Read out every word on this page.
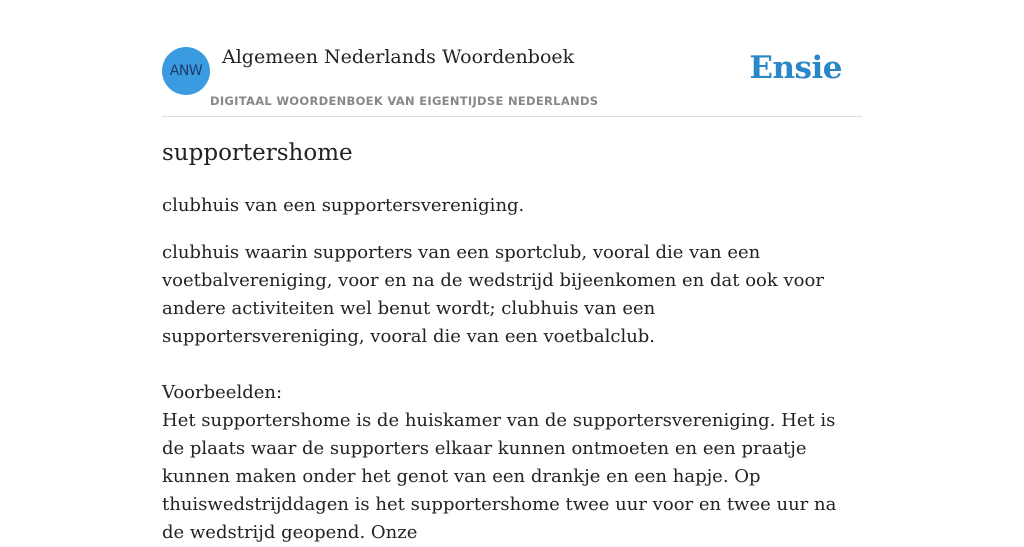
ANW
Algemeen Nederlands Woordenboek
DIGITAAL WOORDENBOEK VAN EIGENTIJDSE NEDERLANDS
Ensie
supportershome

clubhuis van een supportersvereniging.

clubhuis waarin supporters van een sportclub, vooral die van een voetbalvereniging, voor en na de wedstrijd bijeenkomen en dat ook voor andere activiteiten wel benut wordt; clubhuis van een supportersvereniging, vooral die van een voetbalclub.
Voorbeelden:
Het supportershome is de huiskamer van de supportersvereniging. Het is de plaats waar de supporters elkaar kunnen ontmoeten en een praatje kunnen maken onder het genot van een drankje en een hapje. Op thuiswedstrijddagen is het supportershome twee uur voor en twee uur na de wedstrijd geopend. Onze
